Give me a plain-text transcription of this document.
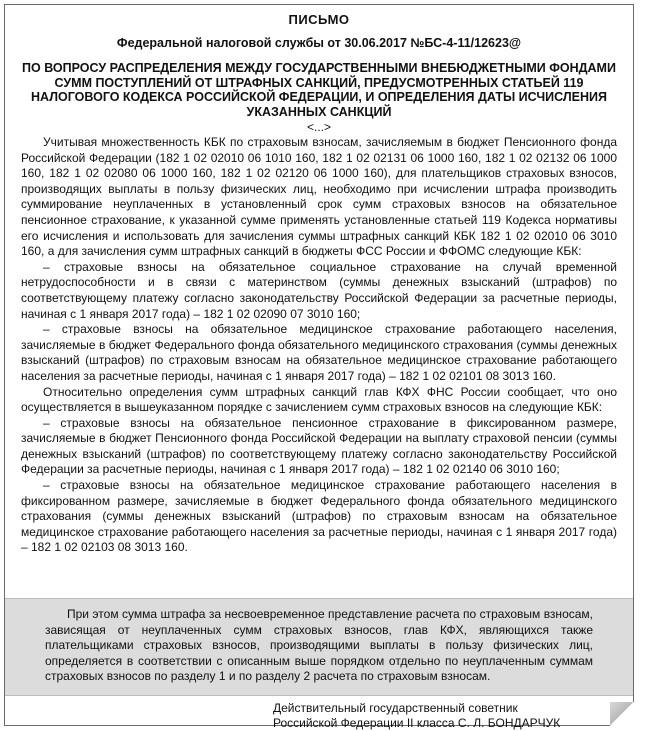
ПИСЬМО

Федеральной налоговой службы от 30.06.2017 №БС-4-11/12623@

ПО ВОПРОСУ РАСПРЕДЕЛЕНИЯ МЕЖДУ ГОСУДАРСТВЕННЫМИ ВНЕБЮДЖЕТНЫМИ ФОНДАМИ СУММ ПОСТУПЛЕНИЙ ОТ ШТРАФНЫХ САНКЦИЙ, ПРЕДУСМОТРЕННЫХ СТАТЬЕЙ 119 НАЛОГОВОГО КОДЕКСА РОССИЙСКОЙ ФЕДЕРАЦИИ, И ОПРЕДЕЛЕНИЯ ДАТЫ ИСЧИСЛЕНИЯ УКАЗАННЫХ САНКЦИЙ

<...>

Учитывая множественность КБК по страховым взносам, зачисляемым в бюджет Пенсионного фонда Российской Федерации (182 1 02 02010 06 1010 160, 182 1 02 02131 06 1000 160, 182 1 02 02132 06 1000 160, 182 1 02 02080 06 1000 160, 182 1 02 02120 06 1000 160), для плательщиков страховых взносов, производящих выплаты в пользу физических лиц, необходимо при исчислении штрафа производить суммирование неуплаченных в установленный срок сумм страховых взносов на обязательное пенсионное страхование, к указанной сумме применять установленные статьей 119 Кодекса нормативы его исчисления и использовать для зачисления суммы штрафных санкций КБК 182 1 02 02010 06 3010 160, а для зачисления сумм штрафных санкций в бюджеты ФСС России и ФФОМС следующие КБК:

– страховые взносы на обязательное социальное страхование на случай временной нетрудоспособности и в связи с материнством (суммы денежных взысканий (штрафов) по соответствующему платежу согласно законодательству Российской Федерации за расчетные периоды, начиная с 1 января 2017 года) – 182 1 02 02090 07 3010 160;

– страховые взносы на обязательное медицинское страхование работающего населения, зачисляемые в бюджет Федерального фонда обязательного медицинского страхования (суммы денежных взысканий (штрафов) по страховым взносам на обязательное медицинское страхование работающего населения за расчетные периоды, начиная с 1 января 2017 года) – 182 1 02 02101 08 3013 160.

Относительно определения сумм штрафных санкций глав КФХ ФНС России сообщает, что оно осуществляется в вышеуказанном порядке с зачислением сумм страховых взносов на следующие КБК:

– страховые взносы на обязательное пенсионное страхование в фиксированном размере, зачисляемые в бюджет Пенсионного фонда Российской Федерации на выплату страховой пенсии (суммы денежных взысканий (штрафов) по соответствующему платежу согласно законодательству Российской Федерации за расчетные периоды, начиная с 1 января 2017 года) – 182 1 02 02140 06 3010 160;

– страховые взносы на обязательное медицинское страхование работающего населения в фиксированном размере, зачисляемые в бюджет Федерального фонда обязательного медицинского страхования (суммы денежных взысканий (штрафов) по страховым взносам на обязательное медицинское страхование работающего населения за расчетные периоды, начиная с 1 января 2017 года) – 182 1 02 02103 08 3013 160.

При этом сумма штрафа за несвоевременное представление расчета по страховым взносам, зависящая от неуплаченных сумм страховых взносов, глав КФХ, являющихся также плательщиками страховых взносов, производящими выплаты в пользу физических лиц, определяется в соответствии с описанным выше порядком отдельно по неуплаченным суммам страховых взносов по разделу 1 и по разделу 2 расчета по страховым взносам.

Действительный государственный советник
Российской Федерации II класса С. Л. БОНДАРЧУК
